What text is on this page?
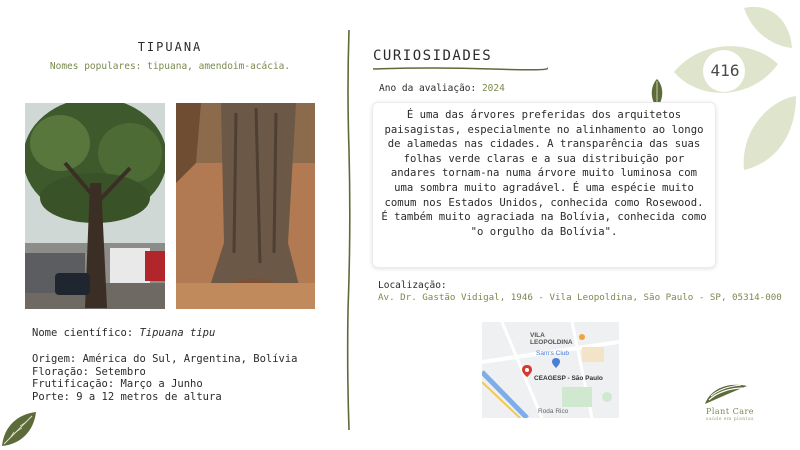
416
TIPUANA
Nomes populares: tipuana, amendoim-acácia.
Nome científico: Tipuana tipu
Origem: América do Sul, Argentina, Bolívia
Floração: Setembro
Frutificação: Março a Junho
Porte: 9 a 12 metros de altura
CURIOSIDADES
Ano da avaliação: 2024
É uma das árvores preferidas dos arquitetos paisagistas, especialmente no alinhamento ao longo de alamedas nas cidades. A transparência das suas folhas verde claras e a sua distribuição por andares tornam-na numa árvore muito luminosa com uma sombra muito agradável. É uma espécie muito comum nos Estados Unidos, conhecida como Rosewood. É também muito agraciada na Bolívia, conhecida como "o orgulho da Bolívia".
Localização:
Av. Dr. Gastão Vidigal, 1946 - Vila Leopoldina, São Paulo - SP, 05314-000
VILA
LEOPOLDINA
Sam's Club
CEAGESP - São Paulo
Roda Rico	Plant Care
saúde em plantas
